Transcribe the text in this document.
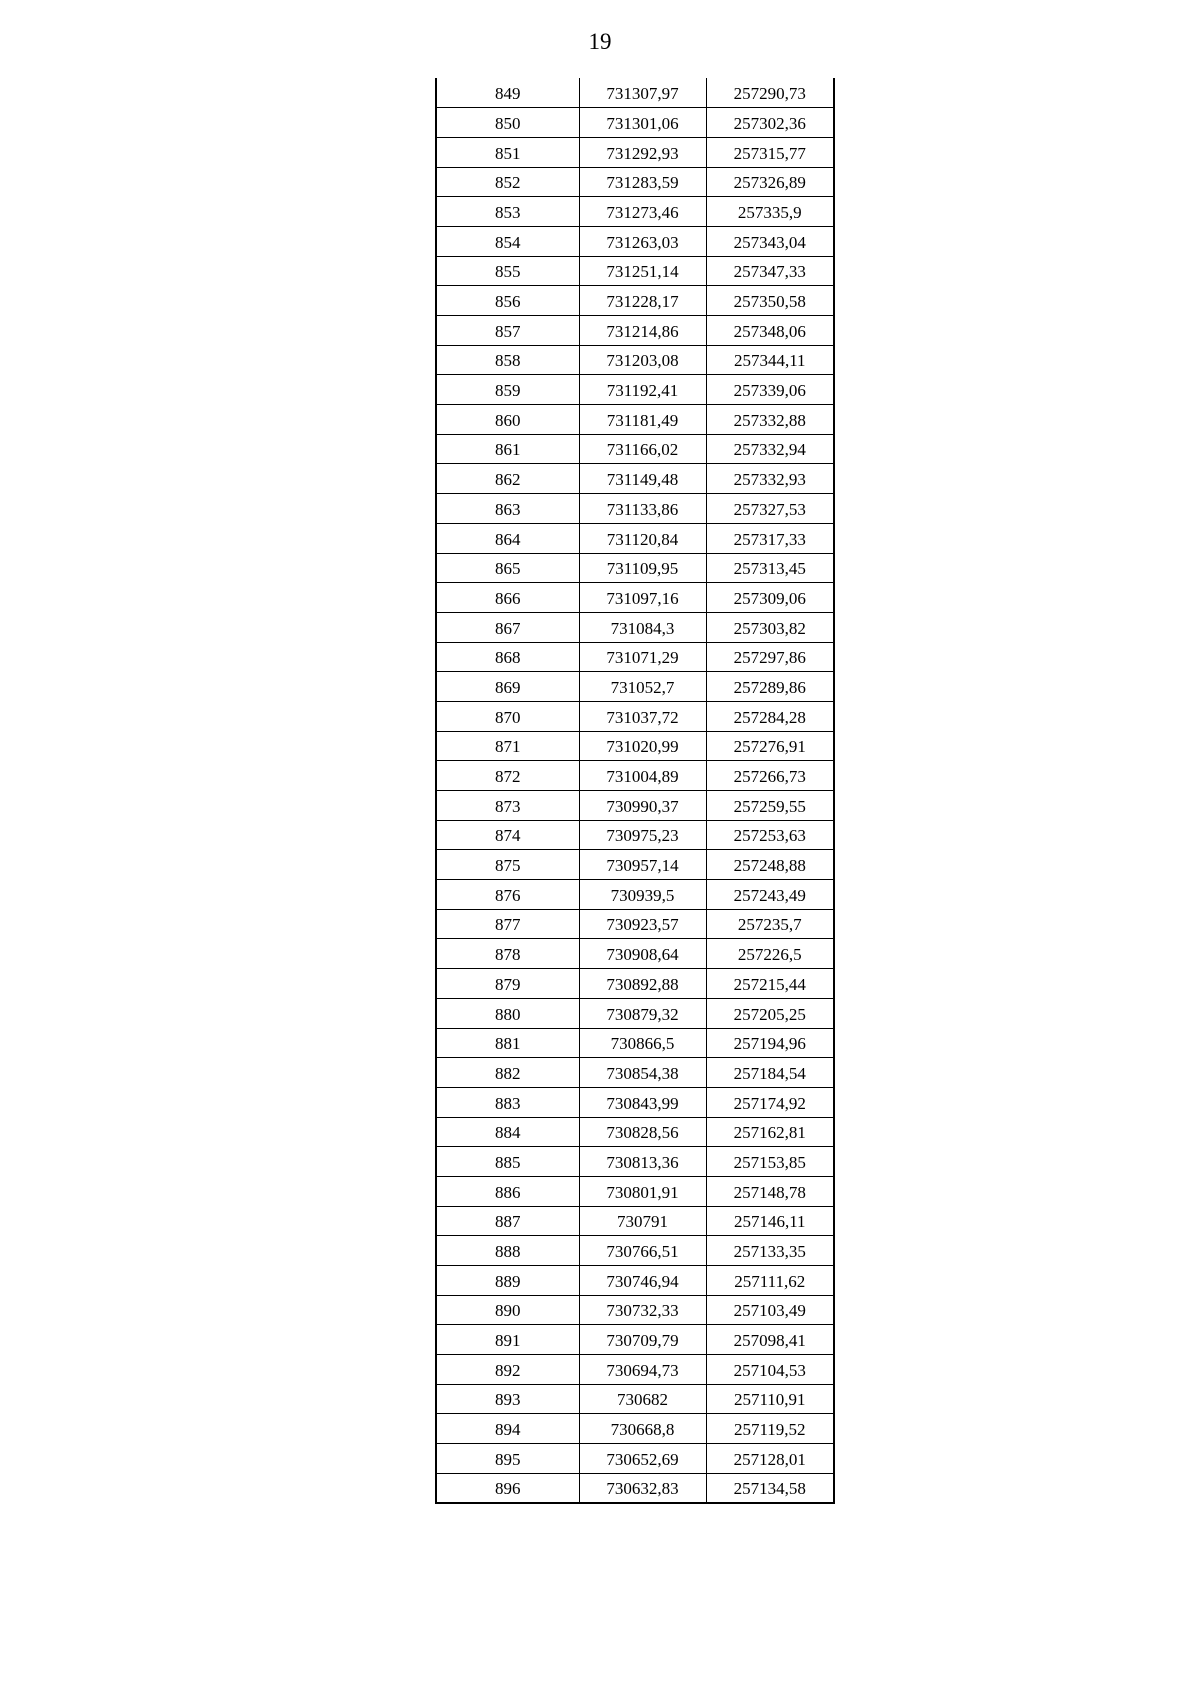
19
849	731307,97	257290,73
850	731301,06	257302,36
851	731292,93	257315,77
852	731283,59	257326,89
853	731273,46	257335,9
854	731263,03	257343,04
855	731251,14	257347,33
856	731228,17	257350,58
857	731214,86	257348,06
858	731203,08	257344,11
859	731192,41	257339,06
860	731181,49	257332,88
861	731166,02	257332,94
862	731149,48	257332,93
863	731133,86	257327,53
864	731120,84	257317,33
865	731109,95	257313,45
866	731097,16	257309,06
867	731084,3	257303,82
868	731071,29	257297,86
869	731052,7	257289,86
870	731037,72	257284,28
871	731020,99	257276,91
872	731004,89	257266,73
873	730990,37	257259,55
874	730975,23	257253,63
875	730957,14	257248,88
876	730939,5	257243,49
877	730923,57	257235,7
878	730908,64	257226,5
879	730892,88	257215,44
880	730879,32	257205,25
881	730866,5	257194,96
882	730854,38	257184,54
883	730843,99	257174,92
884	730828,56	257162,81
885	730813,36	257153,85
886	730801,91	257148,78
887	730791	257146,11
888	730766,51	257133,35
889	730746,94	257111,62
890	730732,33	257103,49
891	730709,79	257098,41
892	730694,73	257104,53
893	730682	257110,91
894	730668,8	257119,52
895	730652,69	257128,01
896	730632,83	257134,58
